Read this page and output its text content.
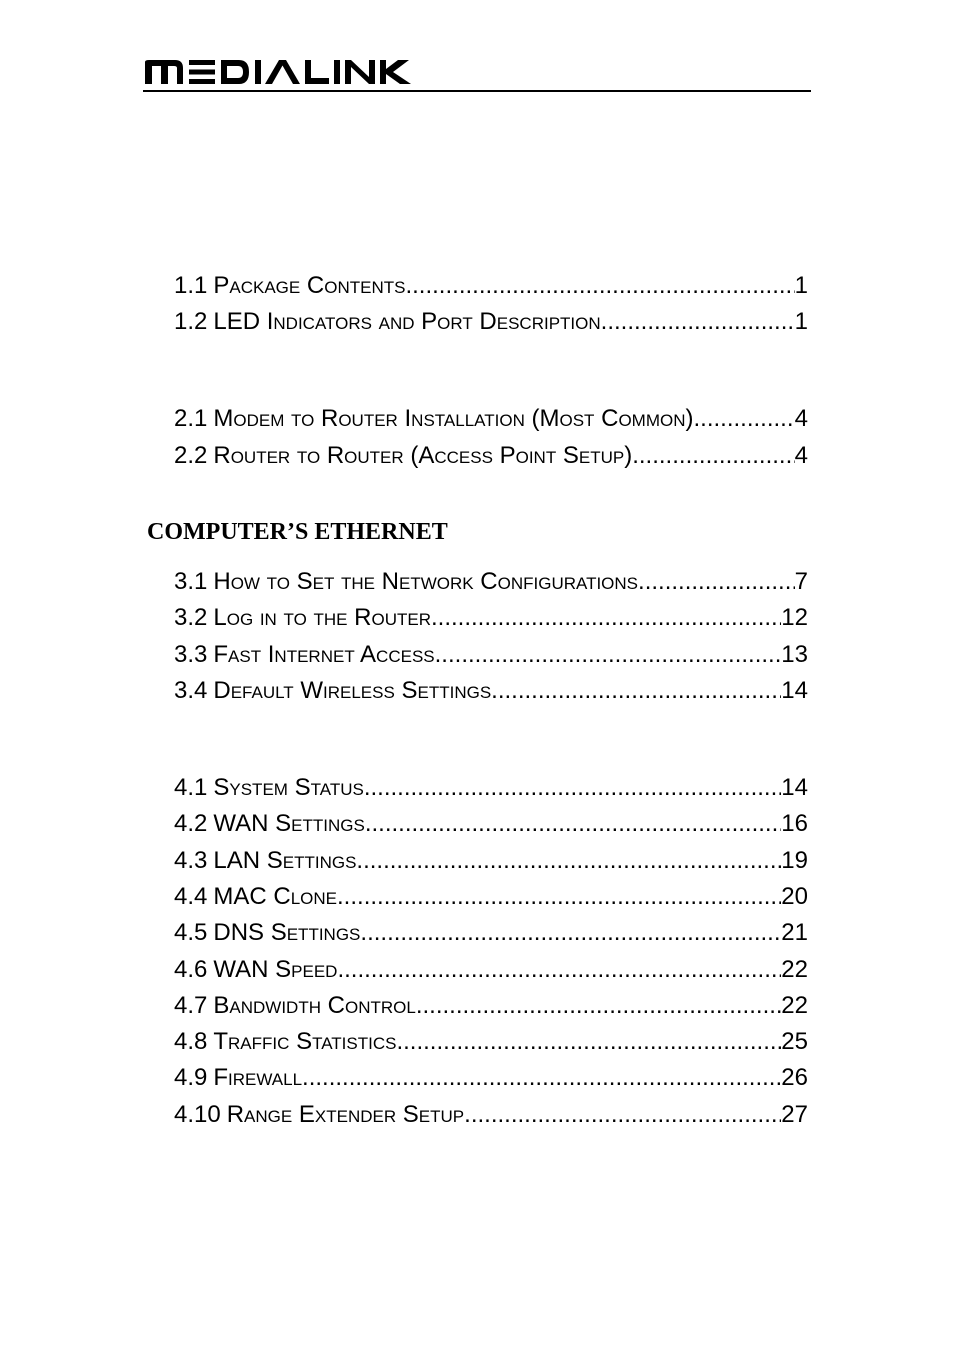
1.1 Package Contents .....	1
1.2 LED Indicators and Port Description .....	1
2.1 Modem to Router Installation (Most Common) .....	4
2.2 Router to Router (Access Point Setup) .....	4
COMPUTER’S ETHERNET
3.1 How to Set the Network Configurations .....	7
3.2 Log in to the Router .....	12
3.3 Fast Internet Access .....	13
3.4 Default Wireless Settings .....	14
4.1 System Status .....	14
4.2 WAN Settings .....	16
4.3 LAN Settings .....	19
4.4 MAC Clone .....	20
4.5 DNS Settings .....	21
4.6 WAN Speed .....	22
4.7 Bandwidth Control .....	22
4.8 Traffic Statistics .....	25
4.9 Firewall .....	26
4.10 Range Extender Setup .....	27
